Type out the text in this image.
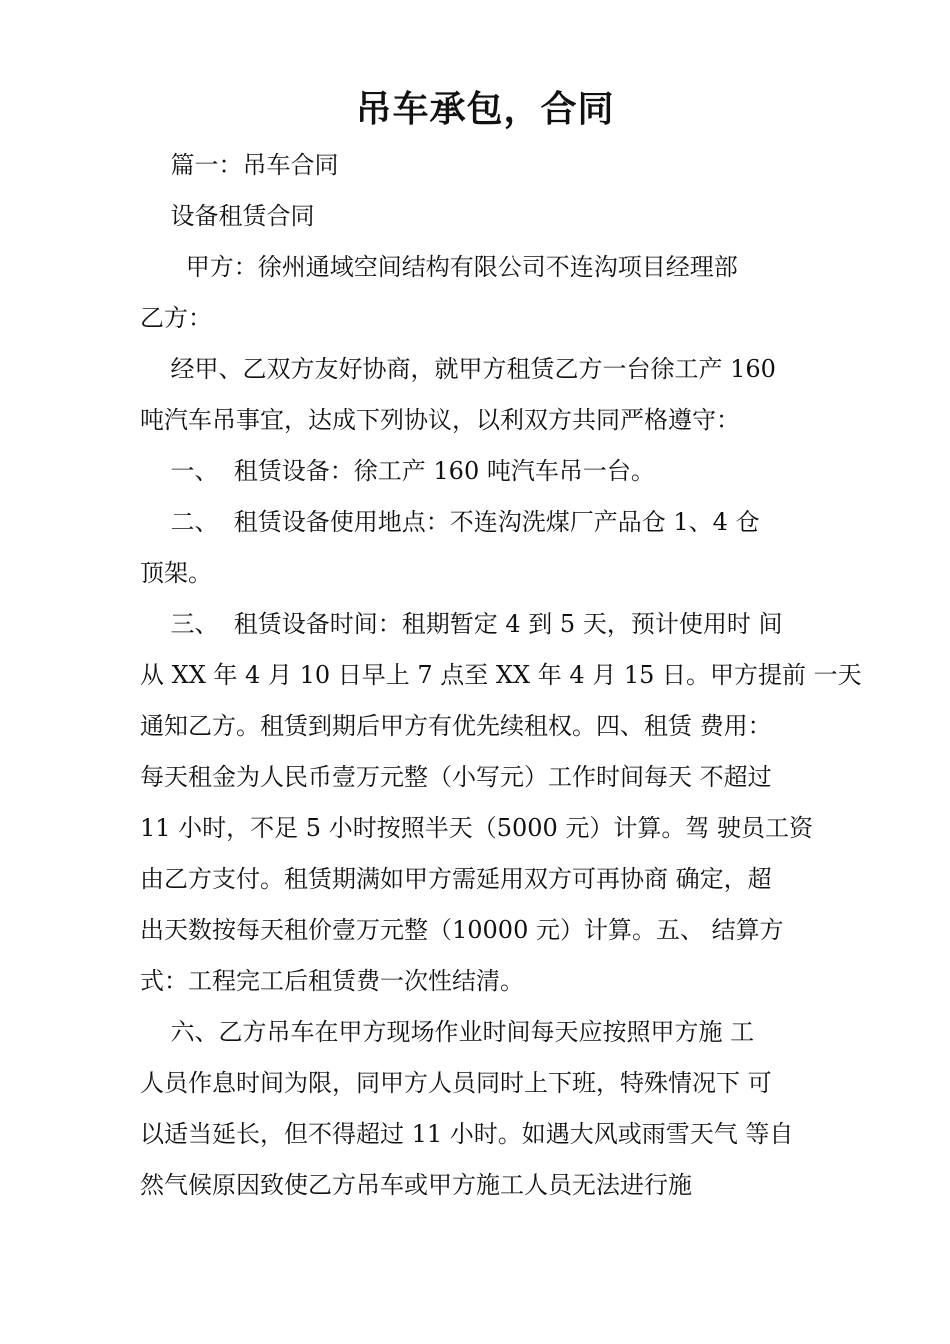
吊车承包，合同
篇一：吊车合同
设备租赁合同
甲方：徐州通域空间结构有限公司不连沟项目经理部
乙方：
经甲、乙双方友好协商，就甲方租赁乙方一台徐工产 160
吨汽车吊事宜，达成下列协议，以利双方共同严格遵守：
一、  租赁设备：徐工产 160 吨汽车吊一台。
二、  租赁设备使用地点：不连沟洗煤厂产品仓 1、4 仓
顶架。
三、  租赁设备时间：租期暂定 4 到 5 天，预计使用时 间
从 XX 年 4 月 10 日早上 7 点至 XX 年 4 月 15 日。甲方提前 一天
通知乙方。租赁到期后甲方有优先续租权。四、租赁 费用：
每天租金为人民币壹万元整（小写元）工作时间每天 不超过
11 小时，不足 5 小时按照半天（5000 元）计算。驾 驶员工资
由乙方支付。租赁期满如甲方需延用双方可再协商 确定，超
出天数按每天租价壹万元整（10000 元）计算。五、 结算方
式：工程完工后租赁费一次性结清。
六、乙方吊车在甲方现场作业时间每天应按照甲方施 工
人员作息时间为限，同甲方人员同时上下班，特殊情况下 可
以适当延长，但不得超过 11 小时。如遇大风或雨雪天气 等自
然气候原因致使乙方吊车或甲方施工人员无法进行施
